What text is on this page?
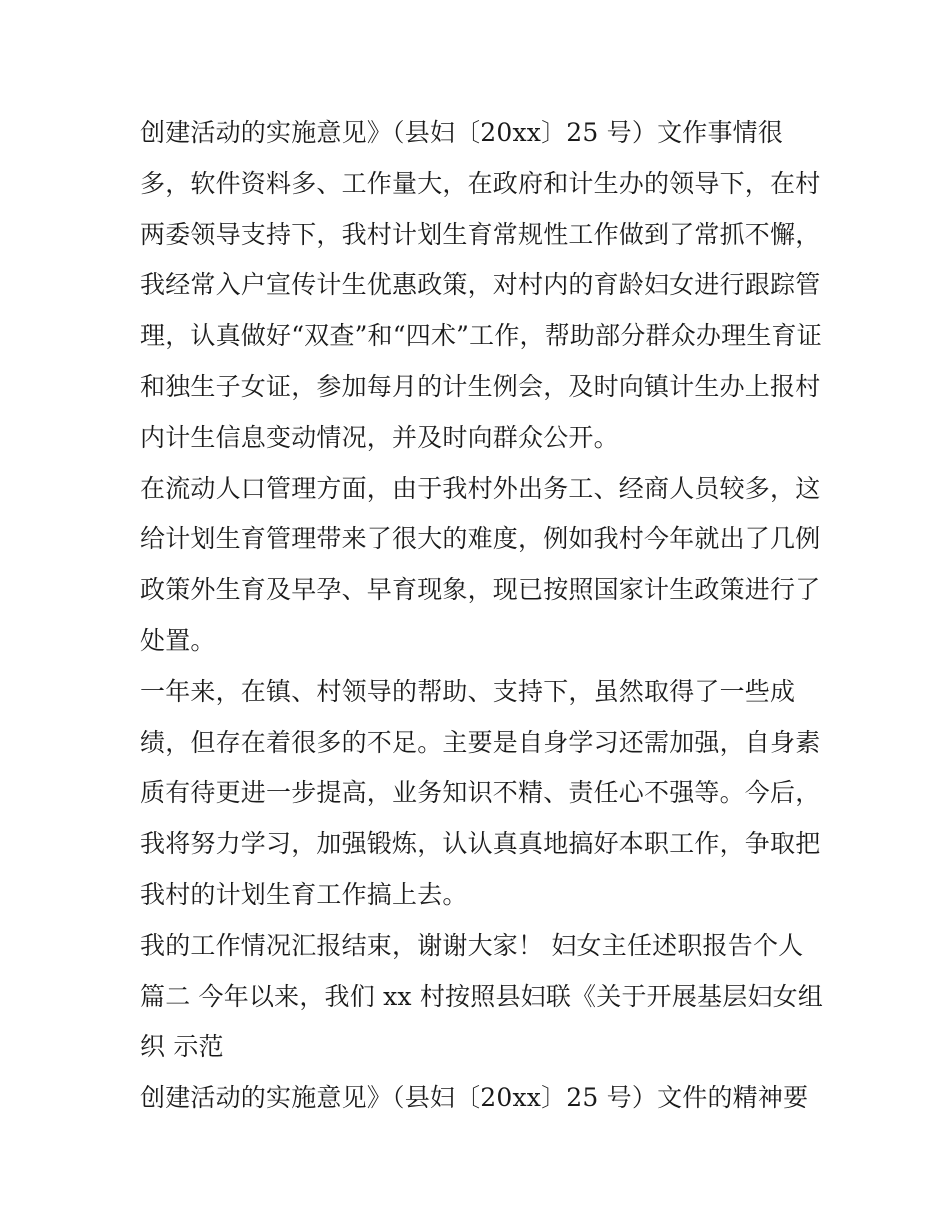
创建活动的实施意见》（县妇〔20xx〕25 号）文作事情很
多，软件资料多、工作量大，在政府和计生办的领导下，在村
两委领导支持下，我村计划生育常规性工作做到了常抓不懈，
我经常入户宣传计生优惠政策，对村内的育龄妇女进行跟踪管
理，认真做好“双查”和“四术”工作，帮助部分群众办理生育证
和独生子女证，参加每月的计生例会，及时向镇计生办上报村
内计生信息变动情况，并及时向群众公开。
在流动人口管理方面，由于我村外出务工、经商人员较多，这
给计划生育管理带来了很大的难度，例如我村今年就出了几例
政策外生育及早孕、早育现象，现已按照国家计生政策进行了
处置。
一年来，在镇、村领导的帮助、支持下，虽然取得了一些成
绩，但存在着很多的不足。主要是自身学习还需加强，自身素
质有待更进一步提高，业务知识不精、责任心不强等。今后，
我将努力学习，加强锻炼，认认真真地搞好本职工作，争取把
我村的计划生育工作搞上去。
我的工作情况汇报结束，谢谢大家！ 妇女主任述职报告个人
篇二 今年以来，我们 xx 村按照县妇联《关于开展基层妇女组
织 示范
创建活动的实施意见》（县妇〔20xx〕25 号）文件的精神要
